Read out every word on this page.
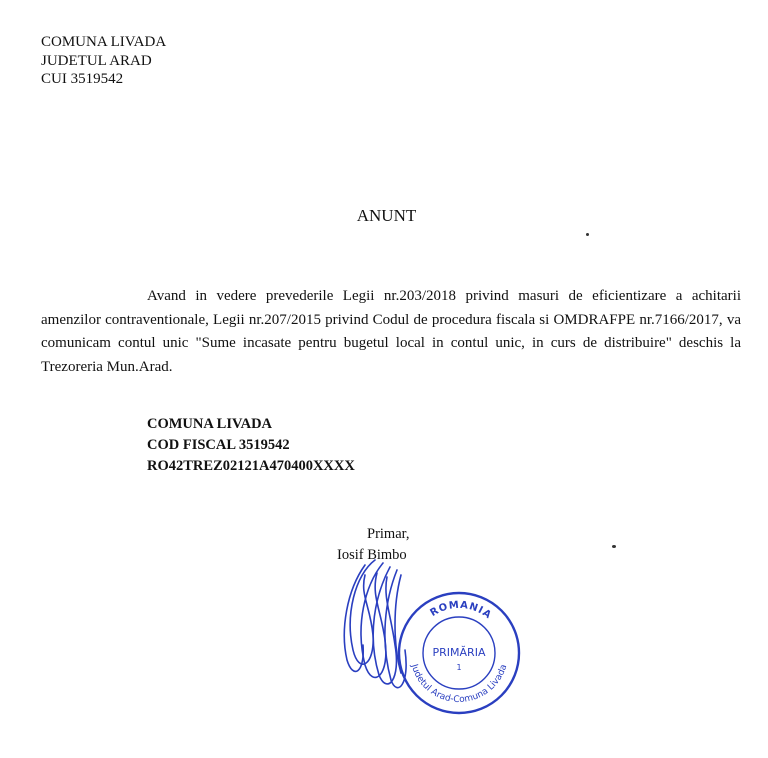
COMUNA LIVADA
JUDETUL ARAD
CUI 3519542
ANUNT
Avand in vedere prevederile Legii nr.203/2018 privind masuri de eficientizare a achitarii amenzilor contraventionale, Legii nr.207/2015 privind Codul de procedura fiscala si OMDRAFPE nr.7166/2017, va comunicam contul unic "Sume incasate pentru bugetul local in contul unic, in curs de distribuire" deschis la Trezoreria Mun.Arad.
COMUNA LIVADA
COD FISCAL 3519542
RO42TREZ02121A470400XXXX
Primar,
Iosif Bimbo
ROMANIA
Judetul Arad-Comuna Livada
PRIMĂRIA
1
